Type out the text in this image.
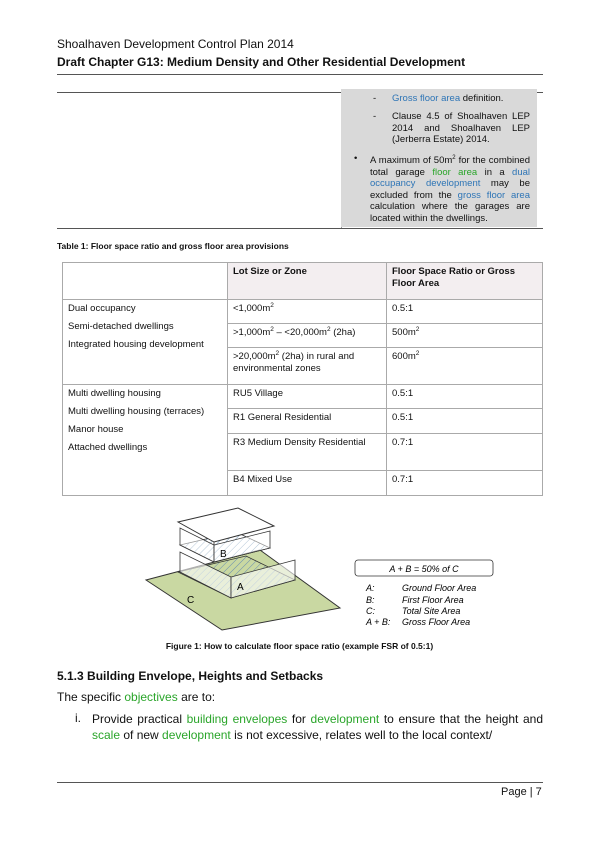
Shoalhaven Development Control Plan 2014
Draft Chapter G13: Medium Density and Other Residential Development
- Gross floor area definition.
- Clause 4.5 of Shoalhaven LEP 2014 and Shoalhaven LEP (Jerberra Estate) 2014.
• A maximum of $50m^2$ for the combined total garage floor area in a dual occupancy development may be excluded from the gross floor area calculation where the garages are located within the dwellings.
Table 1: Floor space ratio and gross floor area provisions
	Lot Size or Zone	Floor Space Ratio or Gross Floor Area

Dual occupancy
Semi-detached dwellings
Integrated housing development	$<1,000m^2$	0.5:1
	$>1,000m^2 - <20,000m^2$ (2ha)	$500m^2$
	$>20,000m^2$ (2ha) in rural and environmental zones	$600m^2$

Multi dwelling housing
Multi dwelling housing (terraces)
Manor house
Attached dwellings	RU5 Village	0.5:1
	R1 General Residential	0.5:1
	R3 Medium Density Residential	0.7:1
	B4 Mixed Use	0.7:1
B
A
C
A + B = 50% of C
A:	Ground Floor Area
B:	First Floor Area
C:	Total Site Area
A + B: Gross Floor Area
Figure 1: How to calculate floor space ratio (example FSR of 0.5:1)
5.1.3 Building Envelope, Heights and Setbacks
The specific objectives are to:
i. Provide practical building envelopes for development to ensure that the height and scale of new development is not excessive, relates well to the local context/
Page | 7
